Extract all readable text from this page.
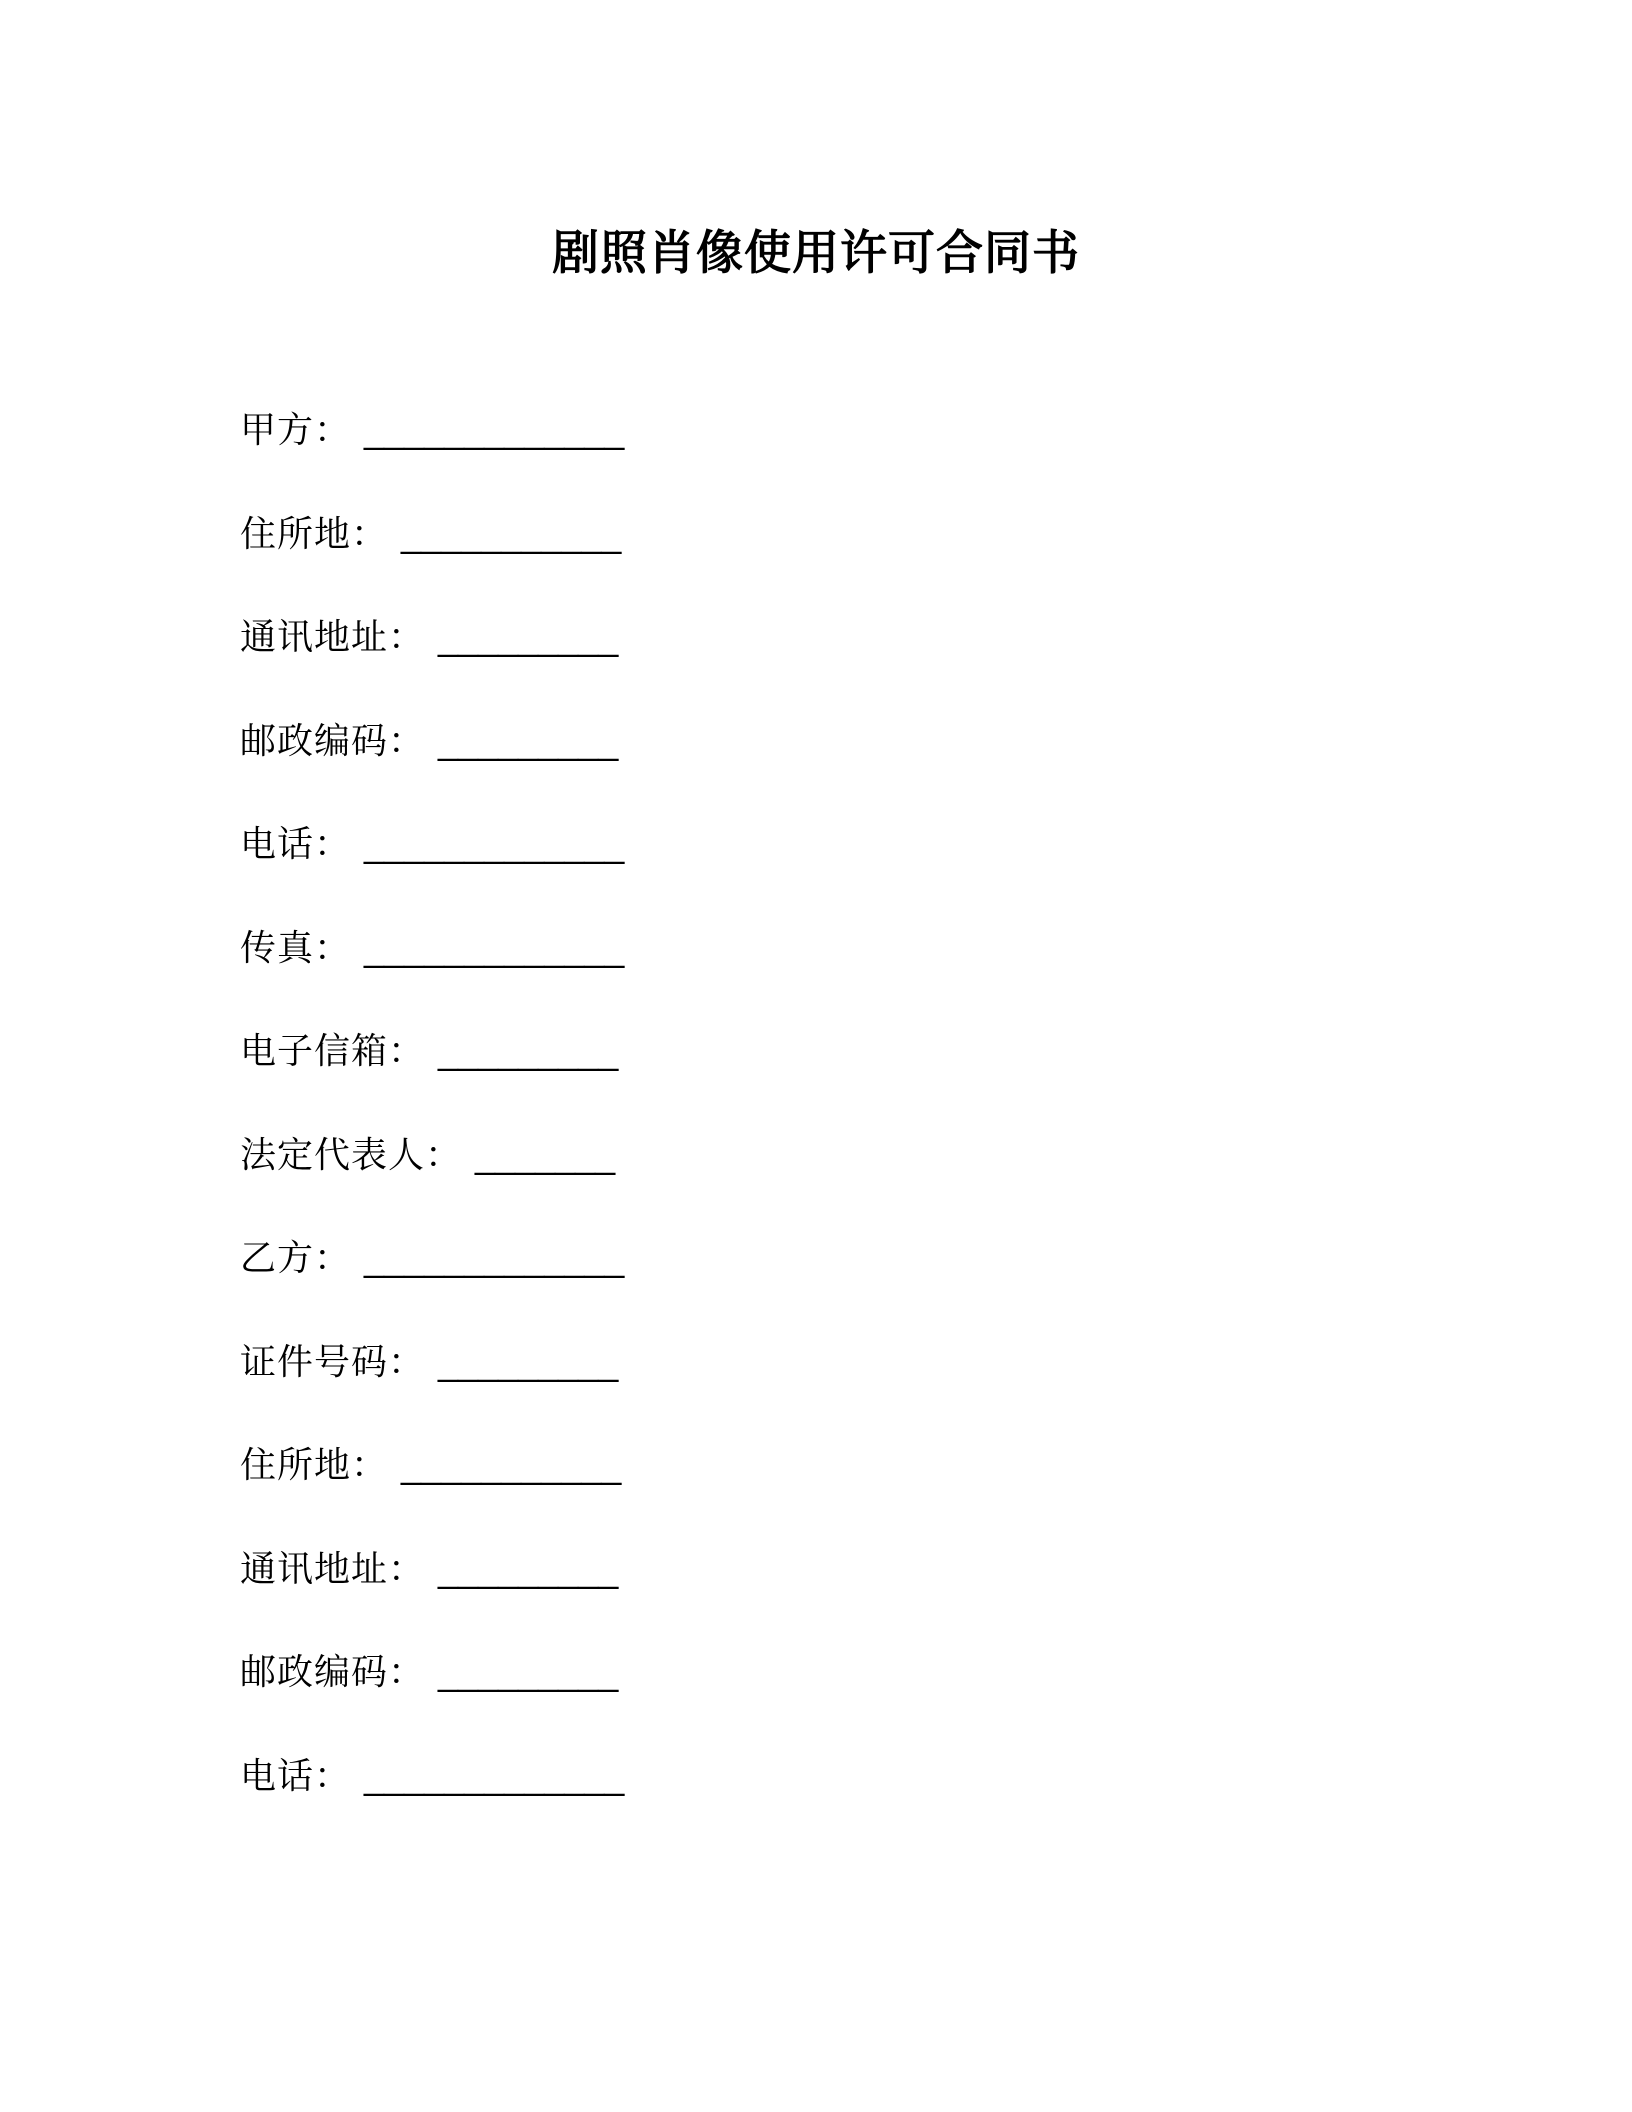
剧照肖像使用许可合同书
甲方 ： _____________
住所地 ： ___________
通讯地址 ： _________
邮政编码 ： _________
电话 ： _____________
传真 ： _____________
电子信箱 ： _________
法定代表人 ： _______
乙方 ： _____________
证件号码 ： _________
住所地 ： ___________
通讯地址 ： _________
邮政编码 ： _________
电话 ： _____________
